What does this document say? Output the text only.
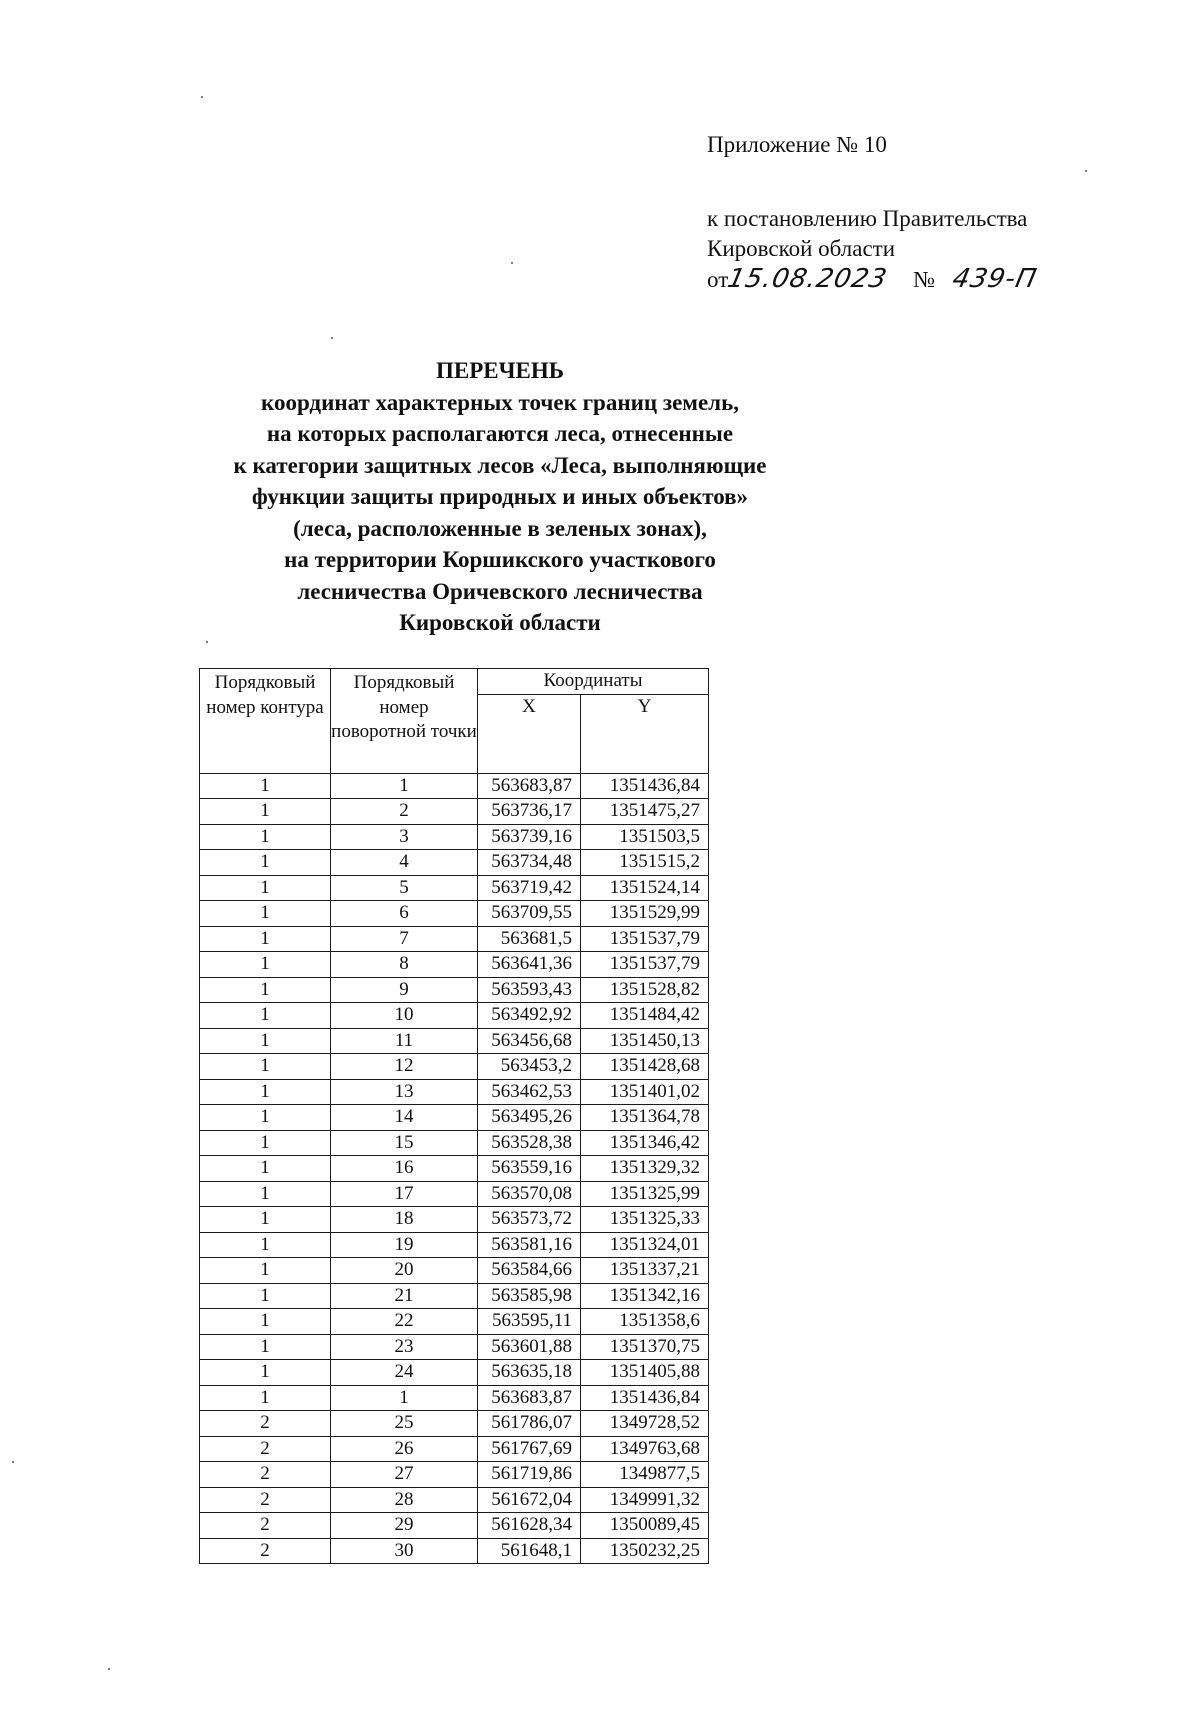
Приложение № 10
к постановлению Правительства
Кировской области
от15.08.2023 № 439-П
ПЕРЕЧЕНЬ
координат характерных точек границ земель,
на которых располагаются леса, отнесенные
к категории защитных лесов «Леса, выполняющие
функции защиты природных и иных объектов»
(леса, расположенные в зеленых зонах),
на территории Коршикского участкового
лесничества Оричевского лесничества
Кировской области
Порядковый номер контура	Порядковый номер поворотной точки	Координаты	
		X	Y
1	1	563683,87	1351436,84
1	2	563736,17	1351475,27
1	3	563739,16	1351503,5
1	4	563734,48	1351515,2
1	5	563719,42	1351524,14
1	6	563709,55	1351529,99
1	7	563681,5	1351537,79
1	8	563641,36	1351537,79
1	9	563593,43	1351528,82
1	10	563492,92	1351484,42
1	11	563456,68	1351450,13
1	12	563453,2	1351428,68
1	13	563462,53	1351401,02
1	14	563495,26	1351364,78
1	15	563528,38	1351346,42
1	16	563559,16	1351329,32
1	17	563570,08	1351325,99
1	18	563573,72	1351325,33
1	19	563581,16	1351324,01
1	20	563584,66	1351337,21
1	21	563585,98	1351342,16
1	22	563595,11	1351358,6
1	23	563601,88	1351370,75
1	24	563635,18	1351405,88
1	1	563683,87	1351436,84
2	25	561786,07	1349728,52
2	26	561767,69	1349763,68
2	27	561719,86	1349877,5
2	28	561672,04	1349991,32
2	29	561628,34	1350089,45
2	30	561648,1	1350232,25
